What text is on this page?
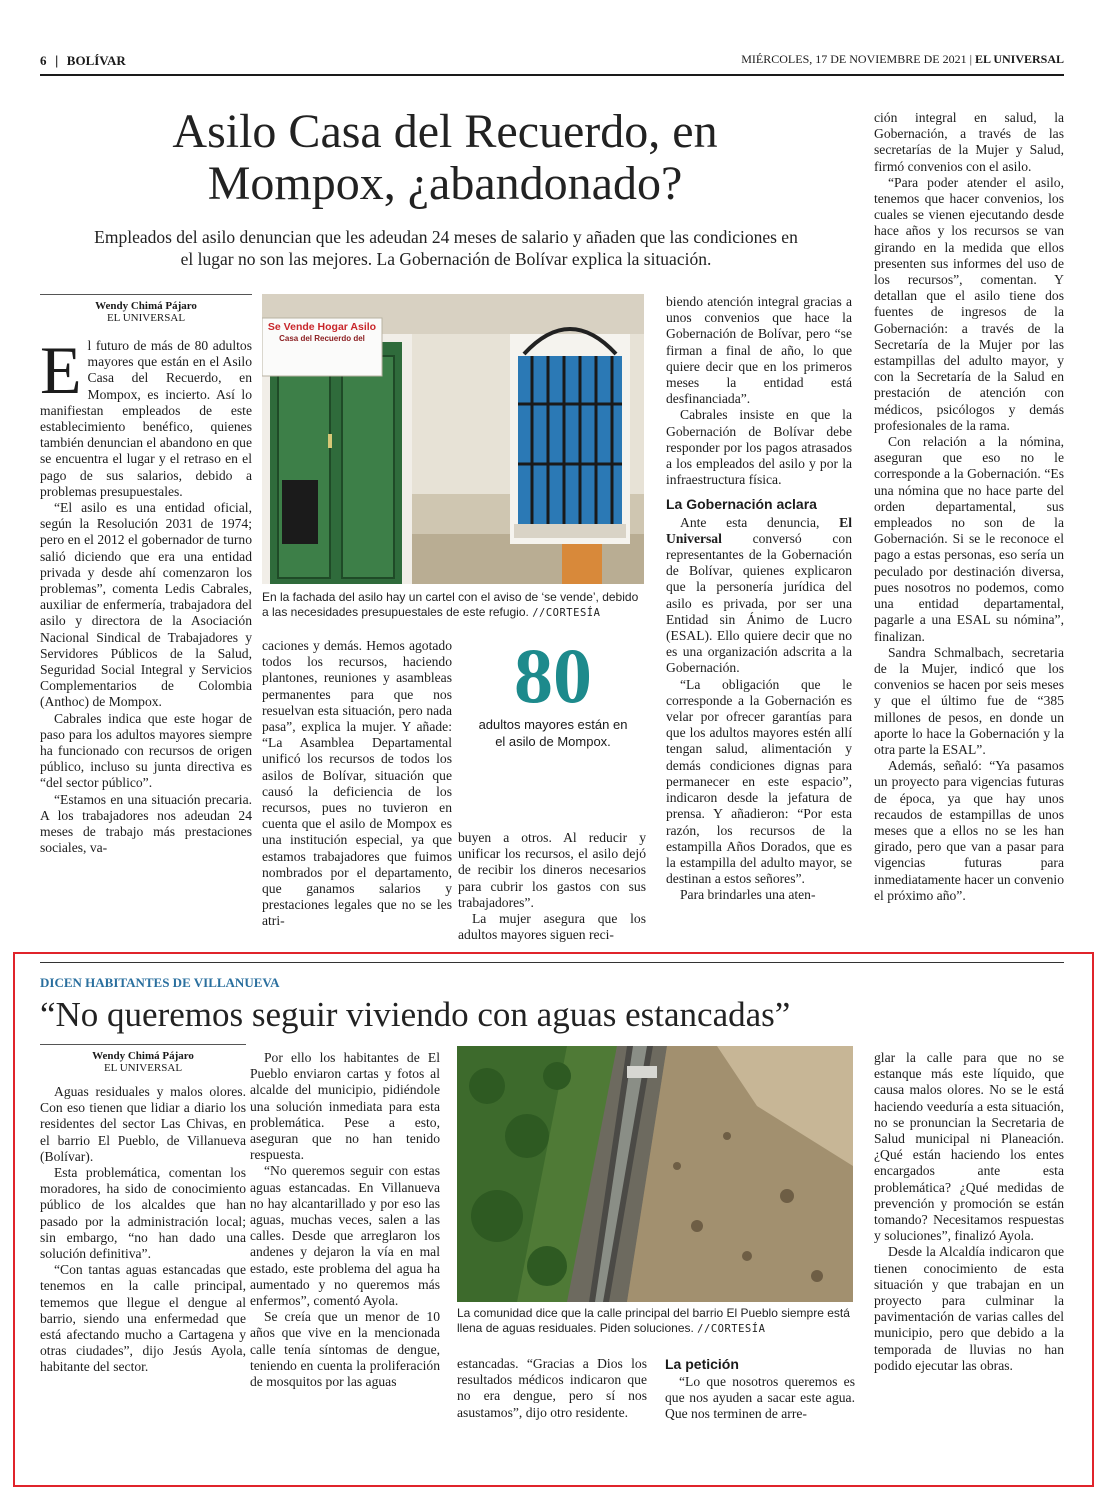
6 | BOLÍVAR	MIÉRCOLES, 17 DE NOVIEMBRE DE 2021 | EL UNIVERSAL
Asilo Casa del Recuerdo, en
Mompox, ¿abandonado?
Empleados del asilo denuncian que les adeudan 24 meses de salario y añaden que las condiciones en el lugar no son las mejores. La Gobernación de Bolívar explica la situación.
Wendy Chimá Pájaro
EL UNIVERSAL

El futuro de más de 80 adultos mayores que están en el Asilo Casa del Recuerdo, en Mompox, es incierto. Así lo manifiestan empleados de este establecimiento benéfico, quienes también denuncian el abandono en que se encuentra el lugar y el retraso en el pago de sus salarios, debido a problemas presupuestales.

“El asilo es una entidad oficial, según la Resolución 2031 de 1974; pero en el 2012 el gobernador de turno salió diciendo que era una entidad privada y desde ahí comenzaron los problemas”, comenta Ledis Cabrales, auxiliar de enfermería, trabajadora del asilo y directora de la Asociación Nacional Sindical de Trabajadores y Servidores Públicos de la Salud, Seguridad Social Integral y Servicios Complementarios de Colombia (Anthoc) de Mompox.

Cabrales indica que este hogar de paso para los adultos mayores siempre ha funcionado con recursos de origen público, incluso su junta directiva es “del sector público”.

“Estamos en una situación precaria. A los trabajadores nos adeudan 24 meses de trabajo más prestaciones sociales, va-

Se Vende Hogar Asilo
Casa del Recuerdo del
En la fachada del asilo hay un cartel con el aviso de ‘se vende’, debido a las necesidades presupuestales de este refugio. //CORTESÍA

caciones y demás. Hemos agotado todos los recursos, haciendo plantones, reuniones y asambleas permanentes para que nos resuelvan esta situación, pero nada pasa”, explica la mujer. Y añade: “La Asamblea Departamental unificó los recursos de todos los asilos de Bolívar, situación que causó la deficiencia de los recursos, pues no tuvieron en cuenta que el asilo de Mompox es una institución especial, ya que estamos trabajadores que fuimos nombrados por el departamento, que ganamos salarios y prestaciones legales que no se les atri-

80
adultos mayores están en el asilo de Mompox.

buyen a otros. Al reducir y unificar los recursos, el asilo dejó de recibir los dineros necesarios para cubrir los gastos con sus trabajadores”.

La mujer asegura que los adultos mayores siguen reci-

biendo atención integral gracias a unos convenios que hace la Gobernación de Bolívar, pero “se firman a final de año, lo que quiere decir que en los primeros meses la entidad está desfinanciada”.

Cabrales insiste en que la Gobernación de Bolívar debe responder por los pagos atrasados a los empleados del asilo y por la infraestructura física.

La Gobernación aclara

Ante esta denuncia, El Universal conversó con representantes de la Gobernación de Bolívar, quienes explicaron que la personería jurídica del asilo es privada, por ser una Entidad sin Ánimo de Lucro (ESAL). Ello quiere decir que no es una organización adscrita a la Gobernación.

“La obligación que le corresponde a la Gobernación es velar por ofrecer garantías para que los adultos mayores estén allí tengan salud, alimentación y demás condiciones dignas para permanecer en este espacio”, indicaron desde la jefatura de prensa. Y añadieron: “Por esta razón, los recursos de la estampilla Años Dorados, que es la estampilla del adulto mayor, se destinan a estos señores”.

Para brindarles una aten-

ción integral en salud, la Gobernación, a través de las secretarías de la Mujer y Salud, firmó convenios con el asilo.

“Para poder atender el asilo, tenemos que hacer convenios, los cuales se vienen ejecutando desde hace años y los recursos se van girando en la medida que ellos presenten sus informes del uso de los recursos”, comentan. Y detallan que el asilo tiene dos fuentes de ingresos de la Gobernación: a través de la Secretaría de la Mujer por las estampillas del adulto mayor, y con la Secretaría de la Salud en prestación de atención con médicos, psicólogos y demás profesionales de la rama.

Con relación a la nómina, aseguran que eso no le corresponde a la Gobernación. “Es una nómina que no hace parte del orden departamental, sus empleados no son de la Gobernación. Si se le reconoce el pago a estas personas, eso sería un peculado por destinación diversa, pues nosotros no podemos, como una entidad departamental, pagarle a una ESAL su nómina”, finalizan.

Sandra Schmalbach, secretaria de la Mujer, indicó que los convenios se hacen por seis meses y que el último fue de “385 millones de pesos, en donde un aporte lo hace la Gobernación y la otra parte la ESAL”.

Además, señaló: “Ya pasamos un proyecto para vigencias futuras de época, ya que hay unos recaudos de estampillas de unos meses que a ellos no se les han girado, pero que van a pasar para vigencias futuras para inmediatamente hacer un convenio el próximo año”.

DICEN HABITANTES DE VILLANUEVA
“No queremos seguir viviendo con aguas estancadas”
Wendy Chimá Pájaro
EL UNIVERSAL

Aguas residuales y malos olores. Con eso tienen que lidiar a diario los residentes del sector Las Chivas, en el barrio El Pueblo, de Villanueva (Bolívar).

Esta problemática, comentan los moradores, ha sido de conocimiento público de los alcaldes que han pasado por la administración local; sin embargo, “no han dado una solución definitiva”.

“Con tantas aguas estancadas que tenemos en la calle principal, tememos que llegue el dengue al barrio, siendo una enfermedad que está afectando mucho a Cartagena y otras ciudades”, dijo Jesús Ayola, habitante del sector.

Por ello los habitantes de El Pueblo enviaron cartas y fotos al alcalde del municipio, pidiéndole una solución inmediata para esta problemática. Pese a esto, aseguran que no han tenido respuesta.

“No queremos seguir con estas aguas estancadas. En Villanueva no hay alcantarillado y por eso las aguas, muchas veces, salen a las calles. Desde que arreglaron los andenes y dejaron la vía en mal estado, este problema del agua ha aumentado y no queremos más enfermos”, comentó Ayola.

Se creía que un menor de 10 años que vive en la mencionada calle tenía síntomas de dengue, teniendo en cuenta la proliferación de mosquitos por las aguas

La comunidad dice que la calle principal del barrio El Pueblo siempre está llena de aguas residuales. Piden soluciones. //CORTESÍA

estancadas. “Gracias a Dios los resultados médicos indicaron que no era dengue, pero sí nos asustamos”, dijo otro residente.

La petición

“Lo que nosotros queremos es que nos ayuden a sacar este agua. Que nos terminen de arre-

glar la calle para que no se estanque más este líquido, que causa malos olores. No se le está haciendo veeduría a esta situación, no se pronuncian la Secretaria de Salud municipal ni Planeación. ¿Qué están haciendo los entes encargados ante esta problemática? ¿Qué medidas de prevención y promoción se están tomando? Necesitamos respuestas y soluciones”, finalizó Ayola.

Desde la Alcaldía indicaron que tienen conocimiento de esta situación y que trabajan en un proyecto para culminar la pavimentación de varias calles del municipio, pero que debido a la temporada de lluvias no han podido ejecutar las obras.
